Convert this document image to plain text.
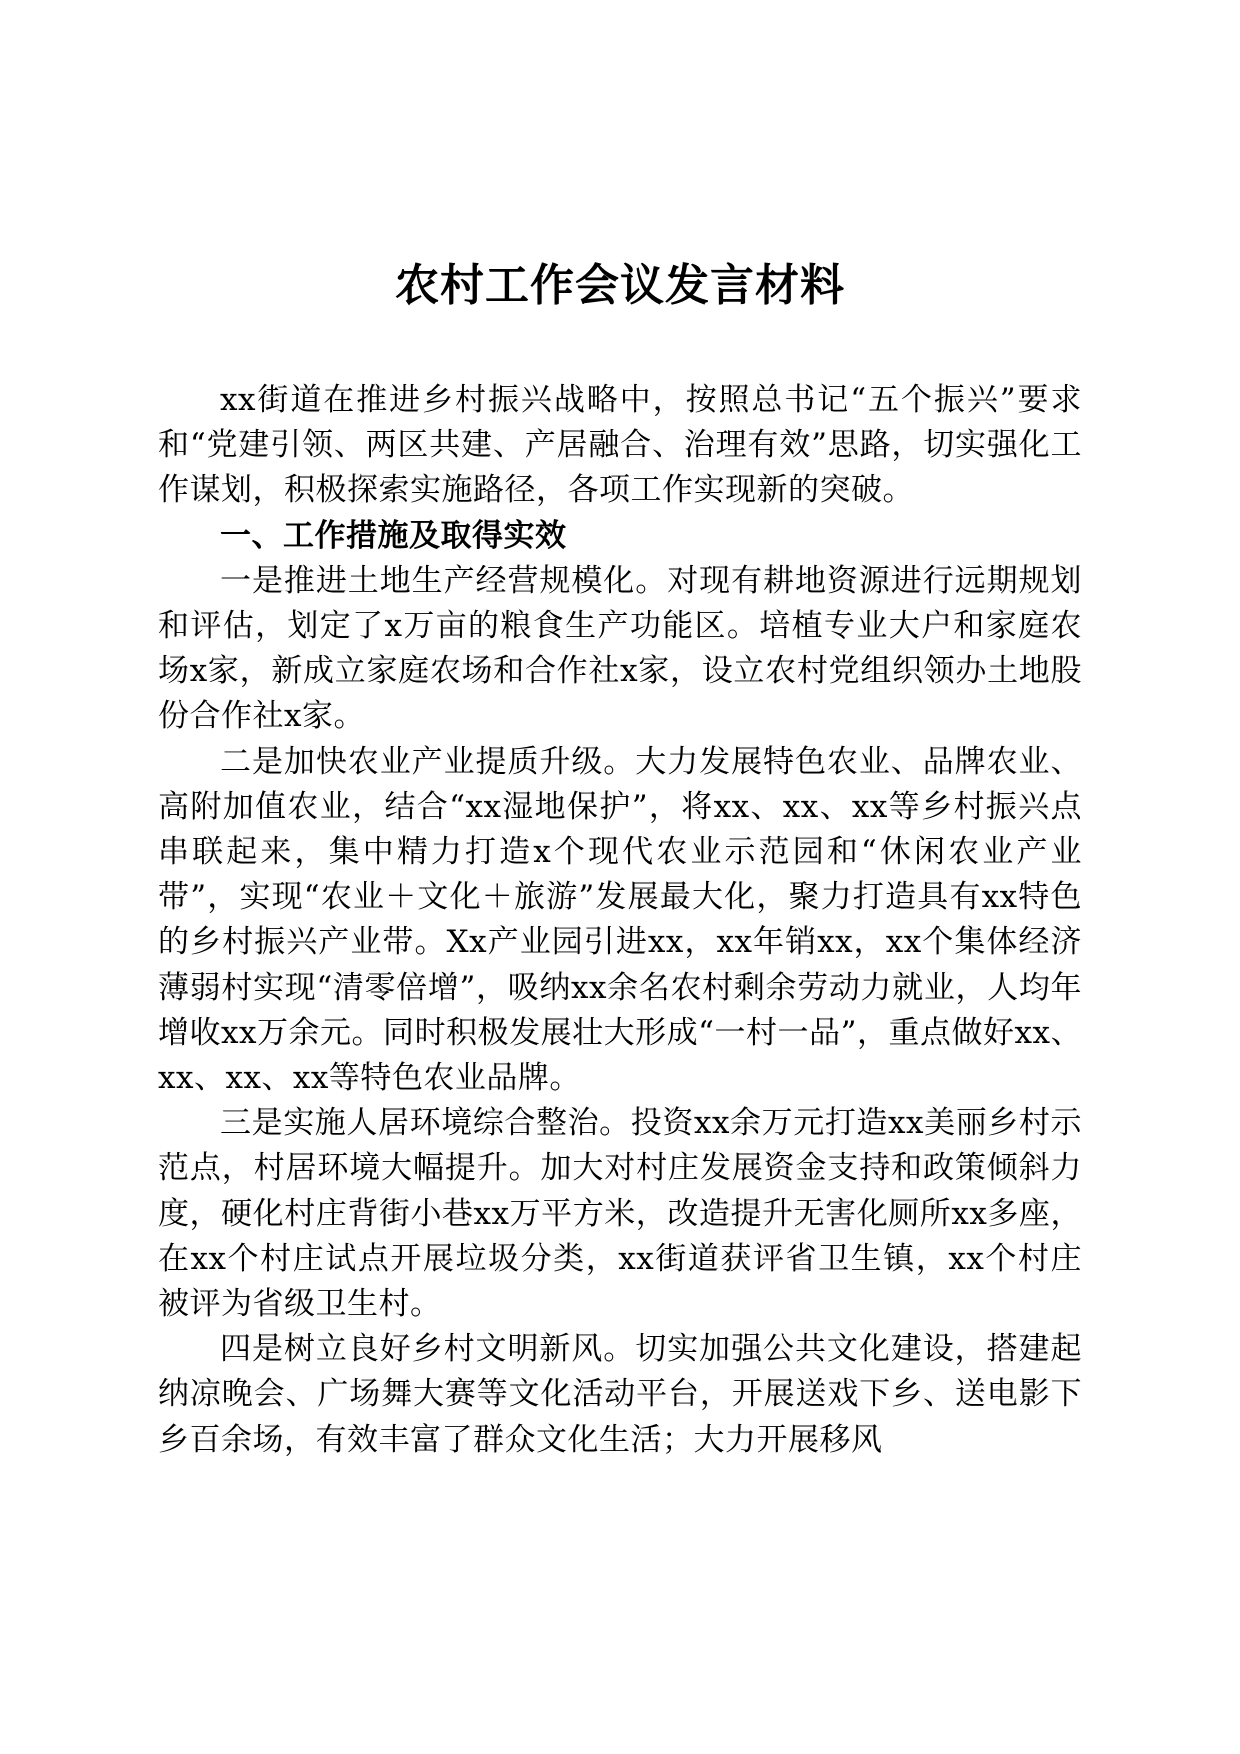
农村工作会议发言材料

xx街道在推进乡村振兴战略中，按照总书记“五个振兴”要求和“党建引领、两区共建、产居融合、治理有效”思路，切实强化工作谋划，积极探索实施路径，各项工作实现新的突破。

一、工作措施及取得实效

一是推进土地生产经营规模化。对现有耕地资源进行远期规划和评估，划定了x万亩的粮食生产功能区。培植专业大户和家庭农场x家，新成立家庭农场和合作社x家，设立农村党组织领办土地股份合作社x家。

二是加快农业产业提质升级。大力发展特色农业、品牌农业、高附加值农业，结合“xx湿地保护”，将xx、xx、xx等乡村振兴点串联起来，集中精力打造x个现代农业示范园和“休闲农业产业带”，实现“农业＋文化＋旅游”发展最大化，聚力打造具有xx特色的乡村振兴产业带。Xx产业园引进xx，xx年销xx，xx个集体经济薄弱村实现“清零倍增”，吸纳xx余名农村剩余劳动力就业，人均年增收xx万余元。同时积极发展壮大形成“一村一品”，重点做好xx、xx、xx、xx等特色农业品牌。

三是实施人居环境综合整治。投资xx余万元打造xx美丽乡村示范点，村居环境大幅提升。加大对村庄发展资金支持和政策倾斜力度，硬化村庄背街小巷xx万平方米，改造提升无害化厕所xx多座，在xx个村庄试点开展垃圾分类，xx街道获评省卫生镇，xx个村庄被评为省级卫生村。

四是树立良好乡村文明新风。切实加强公共文化建设，搭建起纳凉晚会、广场舞大赛等文化活动平台，开展送戏下乡、送电影下乡百余场，有效丰富了群众文化生活；大力开展移风
